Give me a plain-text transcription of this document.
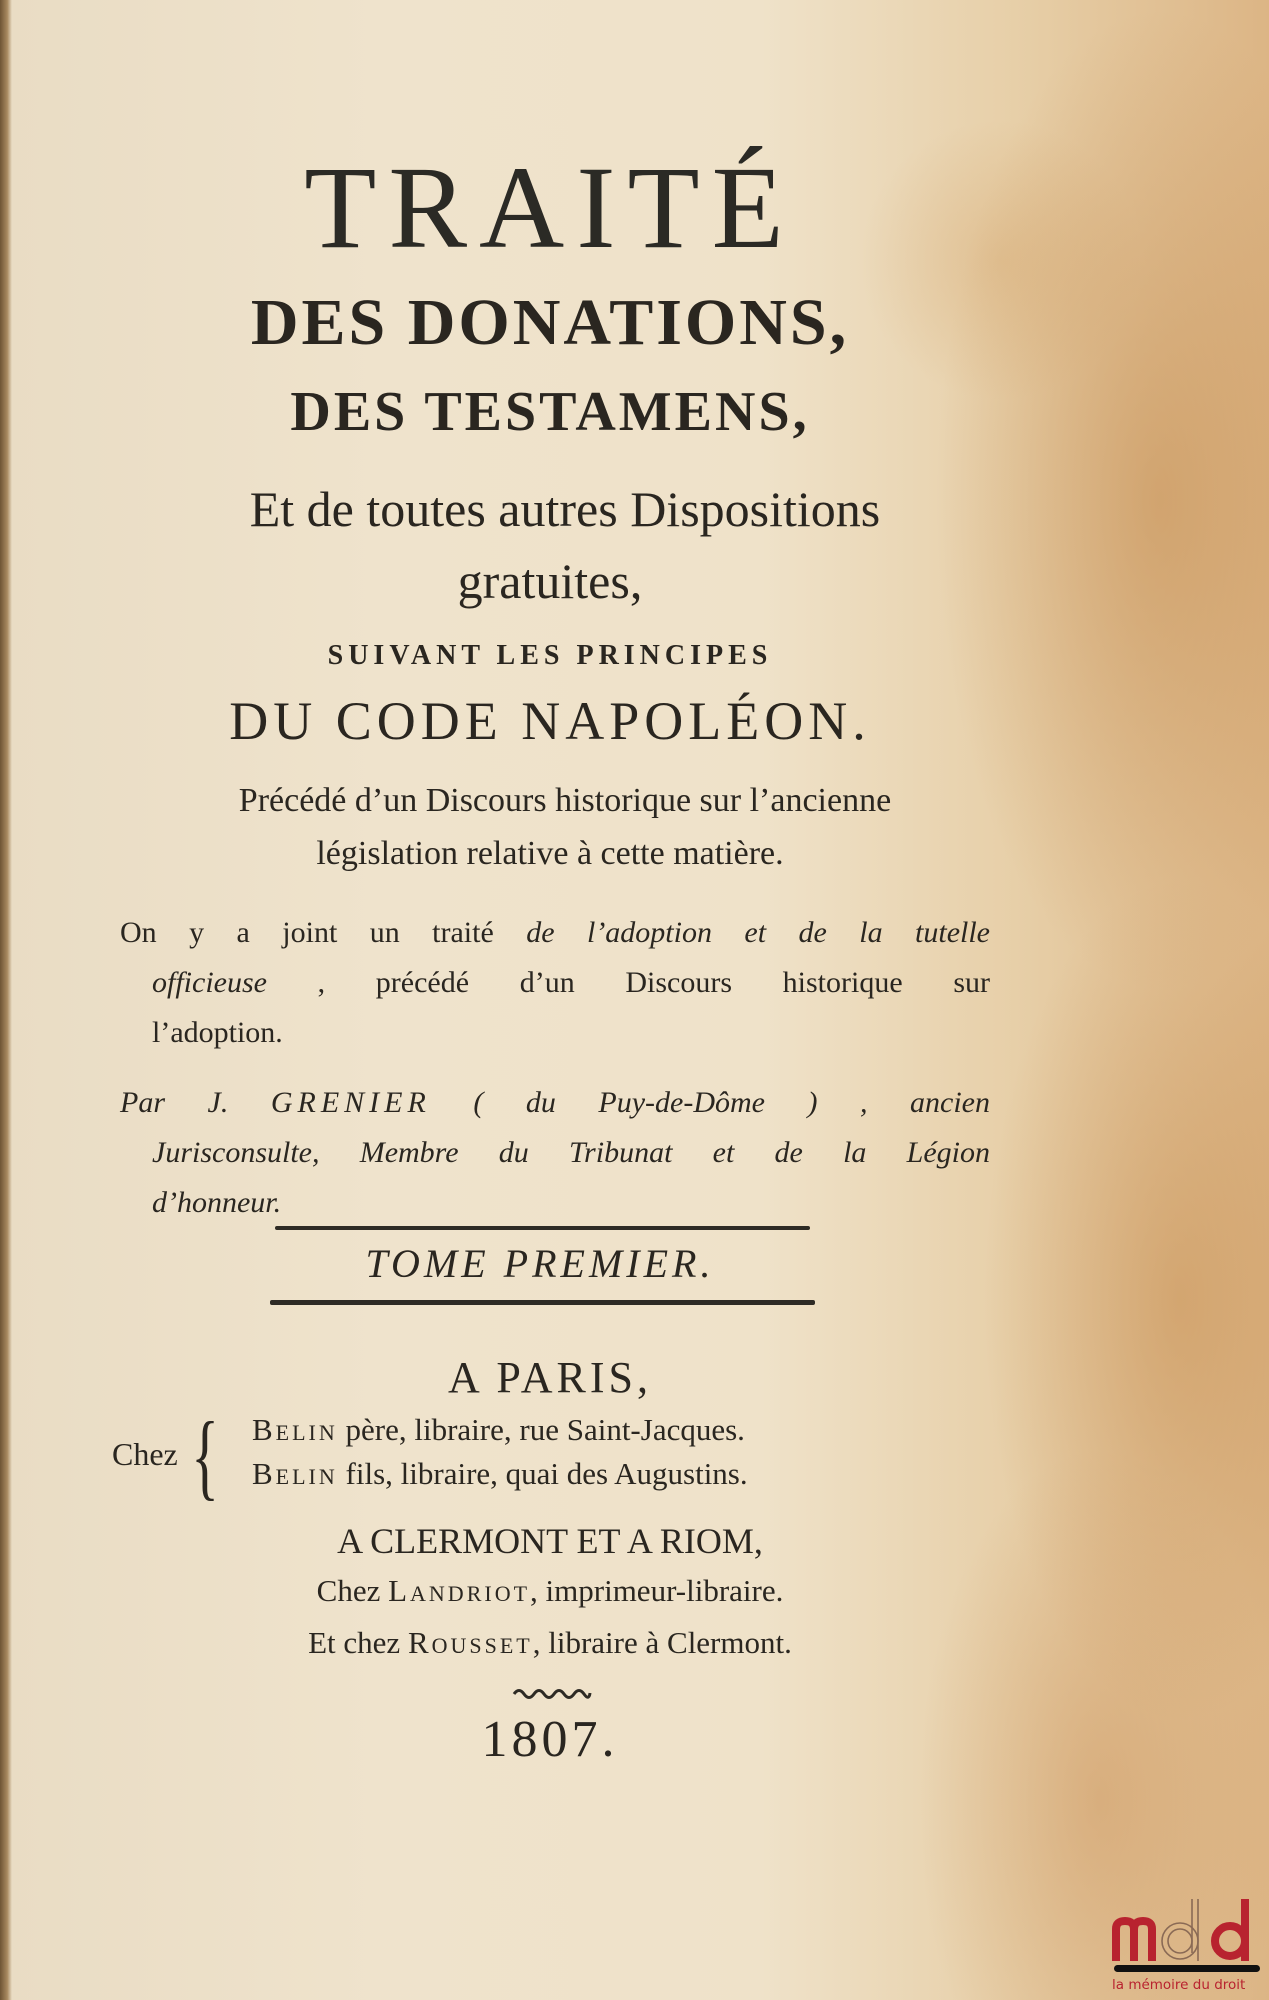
TRAITÉ
DES DONATIONS,
DES TESTAMENS,
Et de toutes autres Dispositions
gratuites,
SUIVANT LES PRINCIPES
DU CODE NAPOLÉON.
Précédé d’un Discours historique sur l’ancienne
législation relative à cette matière.
On y a joint un traité de l’adoption et de la tutelle
officieuse , précédé d’un Discours historique sur
l’adoption.
Par J. GRENIER ( du Puy-de-Dôme ) , ancien
Jurisconsulte, Membre du Tribunat et de la Légion
d’honneur.
TOME PREMIER.
A PARIS,
Chez { Belin père, libraire, rue Saint-Jacques.
Belin fils, libraire, quai des Augustins.
A CLERMONT ET A RIOM,
Chez Landriot, imprimeur-libraire.
Et chez Rousset, libraire à Clermont.
1807.
la mémoire du droit
